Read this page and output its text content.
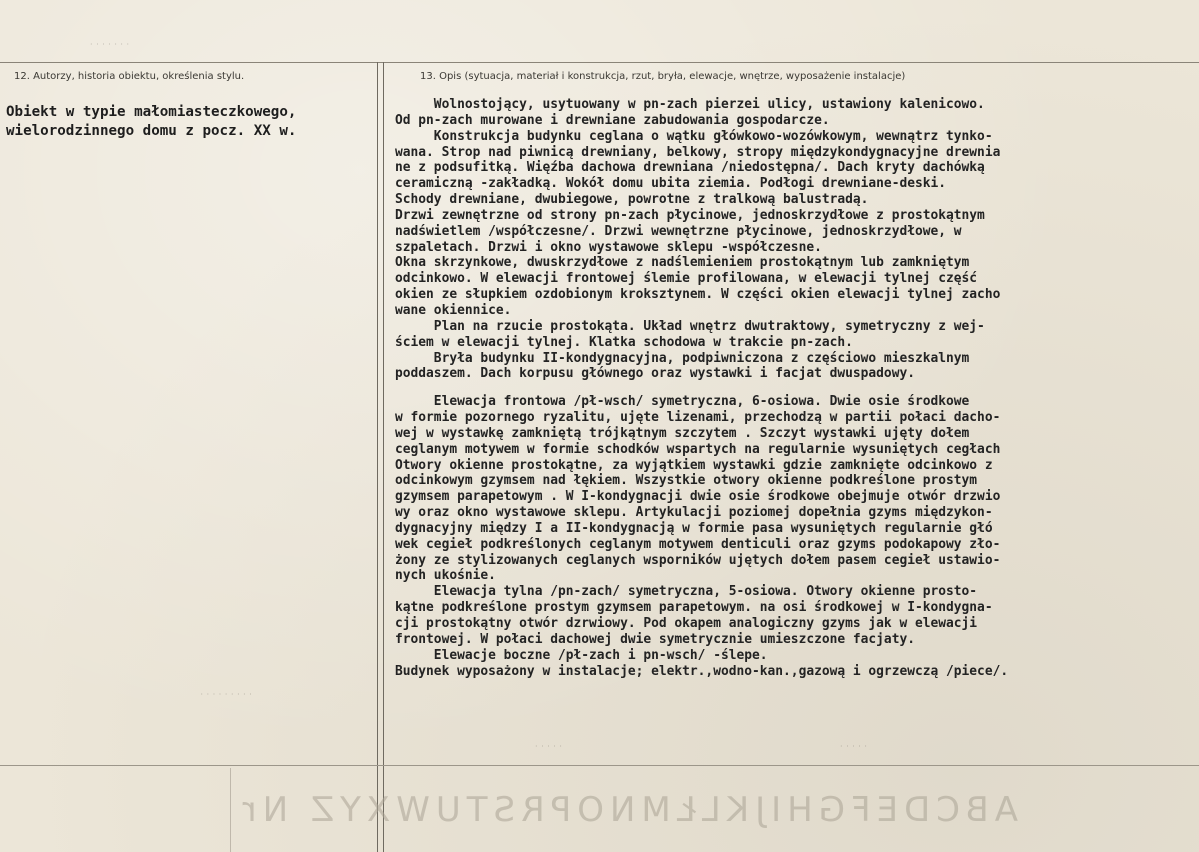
· · · · · · ·
· · · · · · · · ·
· · · · ·	· · · · ·
12. Autorzy, historia obiektu, określenia stylu.	13. Opis (sytuacja, materiał i konstrukcja, rzut, bryła, elewacje, wnętrze, wyposażenie instalacje)
Obiekt w typie małomiasteczkowego,
wielorodzinnego domu z pocz. XX w.
Wolnostojący, usytuowany w pn-zach pierzei ulicy, ustawiony kalenicowo.
Od pn-zach murowane i drewniane zabudowania gospodarcze.
Konstrukcja budynku ceglana o wątku główkowo-wozówkowym, wewnątrz tynko-
wana. Strop nad piwnicą drewniany, belkowy, stropy międzykondygnacyjne drewnia
ne z podsufitką. Więźba dachowa drewniana /niedostępna/. Dach kryty dachówką
ceramiczną -zakładką. Wokół domu ubita ziemia. Podłogi drewniane-deski.
Schody drewniane, dwubiegowe, powrotne z tralkową balustradą.
Drzwi zewnętrzne od strony pn-zach płycinowe, jednoskrzydłowe z prostokątnym
nadświetlem /współczesne/. Drzwi wewnętrzne płycinowe, jednoskrzydłowe, w
szpaletach. Drzwi i okno wystawowe sklepu -współczesne.
Okna skrzynkowe, dwuskrzydłowe z nadślemieniem prostokątnym lub zamkniętym
odcinkowo. W elewacji frontowej ślemie profilowana, w elewacji tylnej część
okien ze słupkiem ozdobionym kroksztynem. W części okien elewacji tylnej zacho
wane okiennice.
Plan na rzucie prostokąta. Układ wnętrz dwutraktowy, symetryczny z wej-
ściem w elewacji tylnej. Klatka schodowa w trakcie pn-zach.
Bryła budynku II-kondygnacyjna, podpiwniczona z częściowo mieszkalnym
poddaszem. Dach korpusu głównego oraz wystawki i facjat dwuspadowy.
Elewacja frontowa /pł-wsch/ symetryczna, 6-osiowa. Dwie osie środkowe
w formie pozornego ryzalitu, ujęte lizenami, przechodzą w partii połaci dacho-
wej w wystawkę zamkniętą trójkątnym szczytem . Szczyt wystawki ujęty dołem
ceglanym motywem w formie schodków wspartych na regularnie wysuniętych cegłach
Otwory okienne prostokątne, za wyjątkiem wystawki gdzie zamknięte odcinkowo z
odcinkowym gzymsem nad łękiem. Wszystkie otwory okienne podkreślone prostym
gzymsem parapetowym . W I-kondygnacji dwie osie środkowe obejmuje otwór drzwio
wy oraz okno wystawowe sklepu. Artykulacji poziomej dopełnia gzyms międzykon-
dygnacyjny między I a II-kondygnacją w formie pasa wysuniętych regularnie głó
wek cegieł podkreślonych ceglanym motywem denticuli oraz gzyms podokapowy zło-
żony ze stylizowanych ceglanych wsporników ujętych dołem pasem cegieł ustawio-
nych ukośnie.
Elewacja tylna /pn-zach/ symetryczna, 5-osiowa. Otwory okienne prosto-
kątne podkreślone prostym gzymsem parapetowym. na osi środkowej w I-kondygna-
cji prostokątny otwór dzrwiowy. Pod okapem analogiczny gzyms jak w elewacji
frontowej. W połaci dachowej dwie symetrycznie umieszczone facjaty.
Elewacje boczne /pł-zach i pn-wsch/ -ślepe.
Budynek wyposażony w instalacje; elektr.,wodno-kan.,gazową i ogrzewczą /piece/.
ABCDEFGHIJKLŁMNOPRSTUWXYZ Nr
